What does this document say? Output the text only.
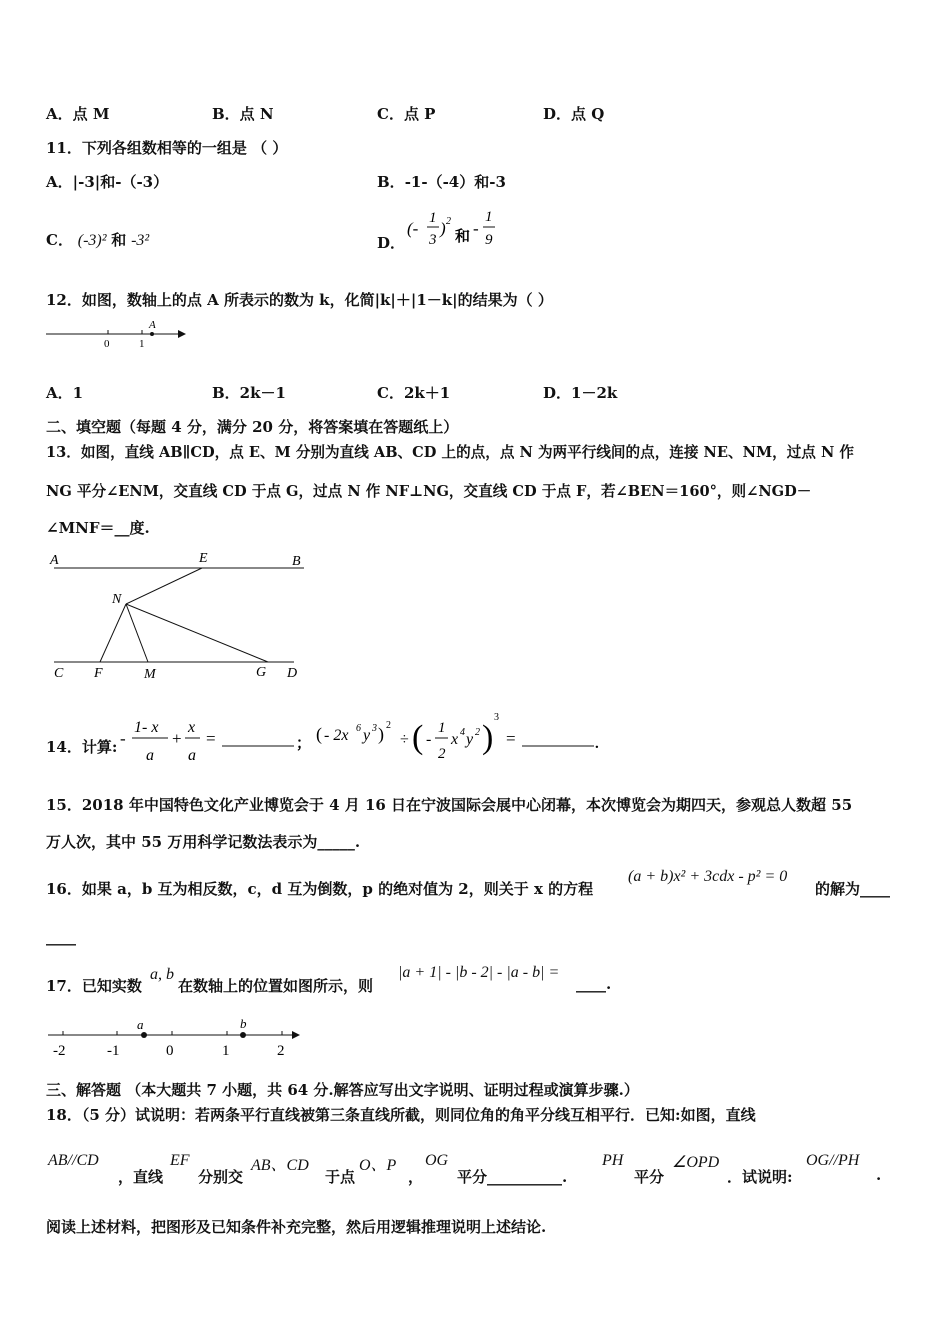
A．点 M	B．点 N	C．点 P	D．点 Q
11．下列各组数相等的一组是 （ ）
A．|-3|和-（-3）	B．-1-（-4）和-3
C． (-3)² 和 -3²	D．
(-
1
3
) 2
和 -
1
9
12．如图，数轴上的点 A 所表示的数为 k，化简|k|＋|1－k|的结果为（ ）
0	1
A
A．1	B．2k－1	C．2k＋1	D．1－2k
二、填空题（每题 4 分，满分 20 分，将答案填在答题纸上）
13．如图，直线 AB∥CD，点 E、M 分别为直线 AB、CD 上的点，点 N 为两平行线间的点，连接 NE、NM，过点 N 作
NG 平分∠ENM，交直线 CD 于点 G，过点 N 作 NF⊥NG，交直线 CD 于点 F，若∠BEN＝160°，则∠NGD－
∠MNF＝__度.
A	E	B
N
C F	M	G D
14．计算: -
1- x
a
+
x
a
=	； ( - 2x 6 y 3 ) 2
÷ ( -
1
2
x 4 y 2 )
3
=	.
15．2018 年中国特色文化产业博览会于 4 月 16 日在宁波国际会展中心闭幕，本次博览会为期四天，参观总人数超 55
万人次，其中 55 万用科学记数法表示为_____.
16．如果 a，b 互为相反数，c，d 互为倒数，p 的绝对值为 2，则关于 x 的方程
(a + b)x² + 3cdx - p² = 0
的解为____
____
17．已知实数
a, b
在数轴上的位置如图所示，则
|a + 1| - |b - 2| - |a - b| =
____.
-2	-1	0	1	2
a	b
三、解答题 （本大题共 7 小题，共 64 分.解答应写出文字说明、证明过程或演算步骤.）
18．（5 分）试说明：若两条平行直线被第三条直线所截，则同位角的角平分线互相平行．已知:如图，直线
AB//CD
，直线
EF
分别交
AB、CD
于点
O、P
，
OG
平分__________.
PH
平分
∠OPD
．试说明:
OG//PH
.
阅读上述材料，把图形及已知条件补充完整，然后用逻辑推理说明上述结论.
